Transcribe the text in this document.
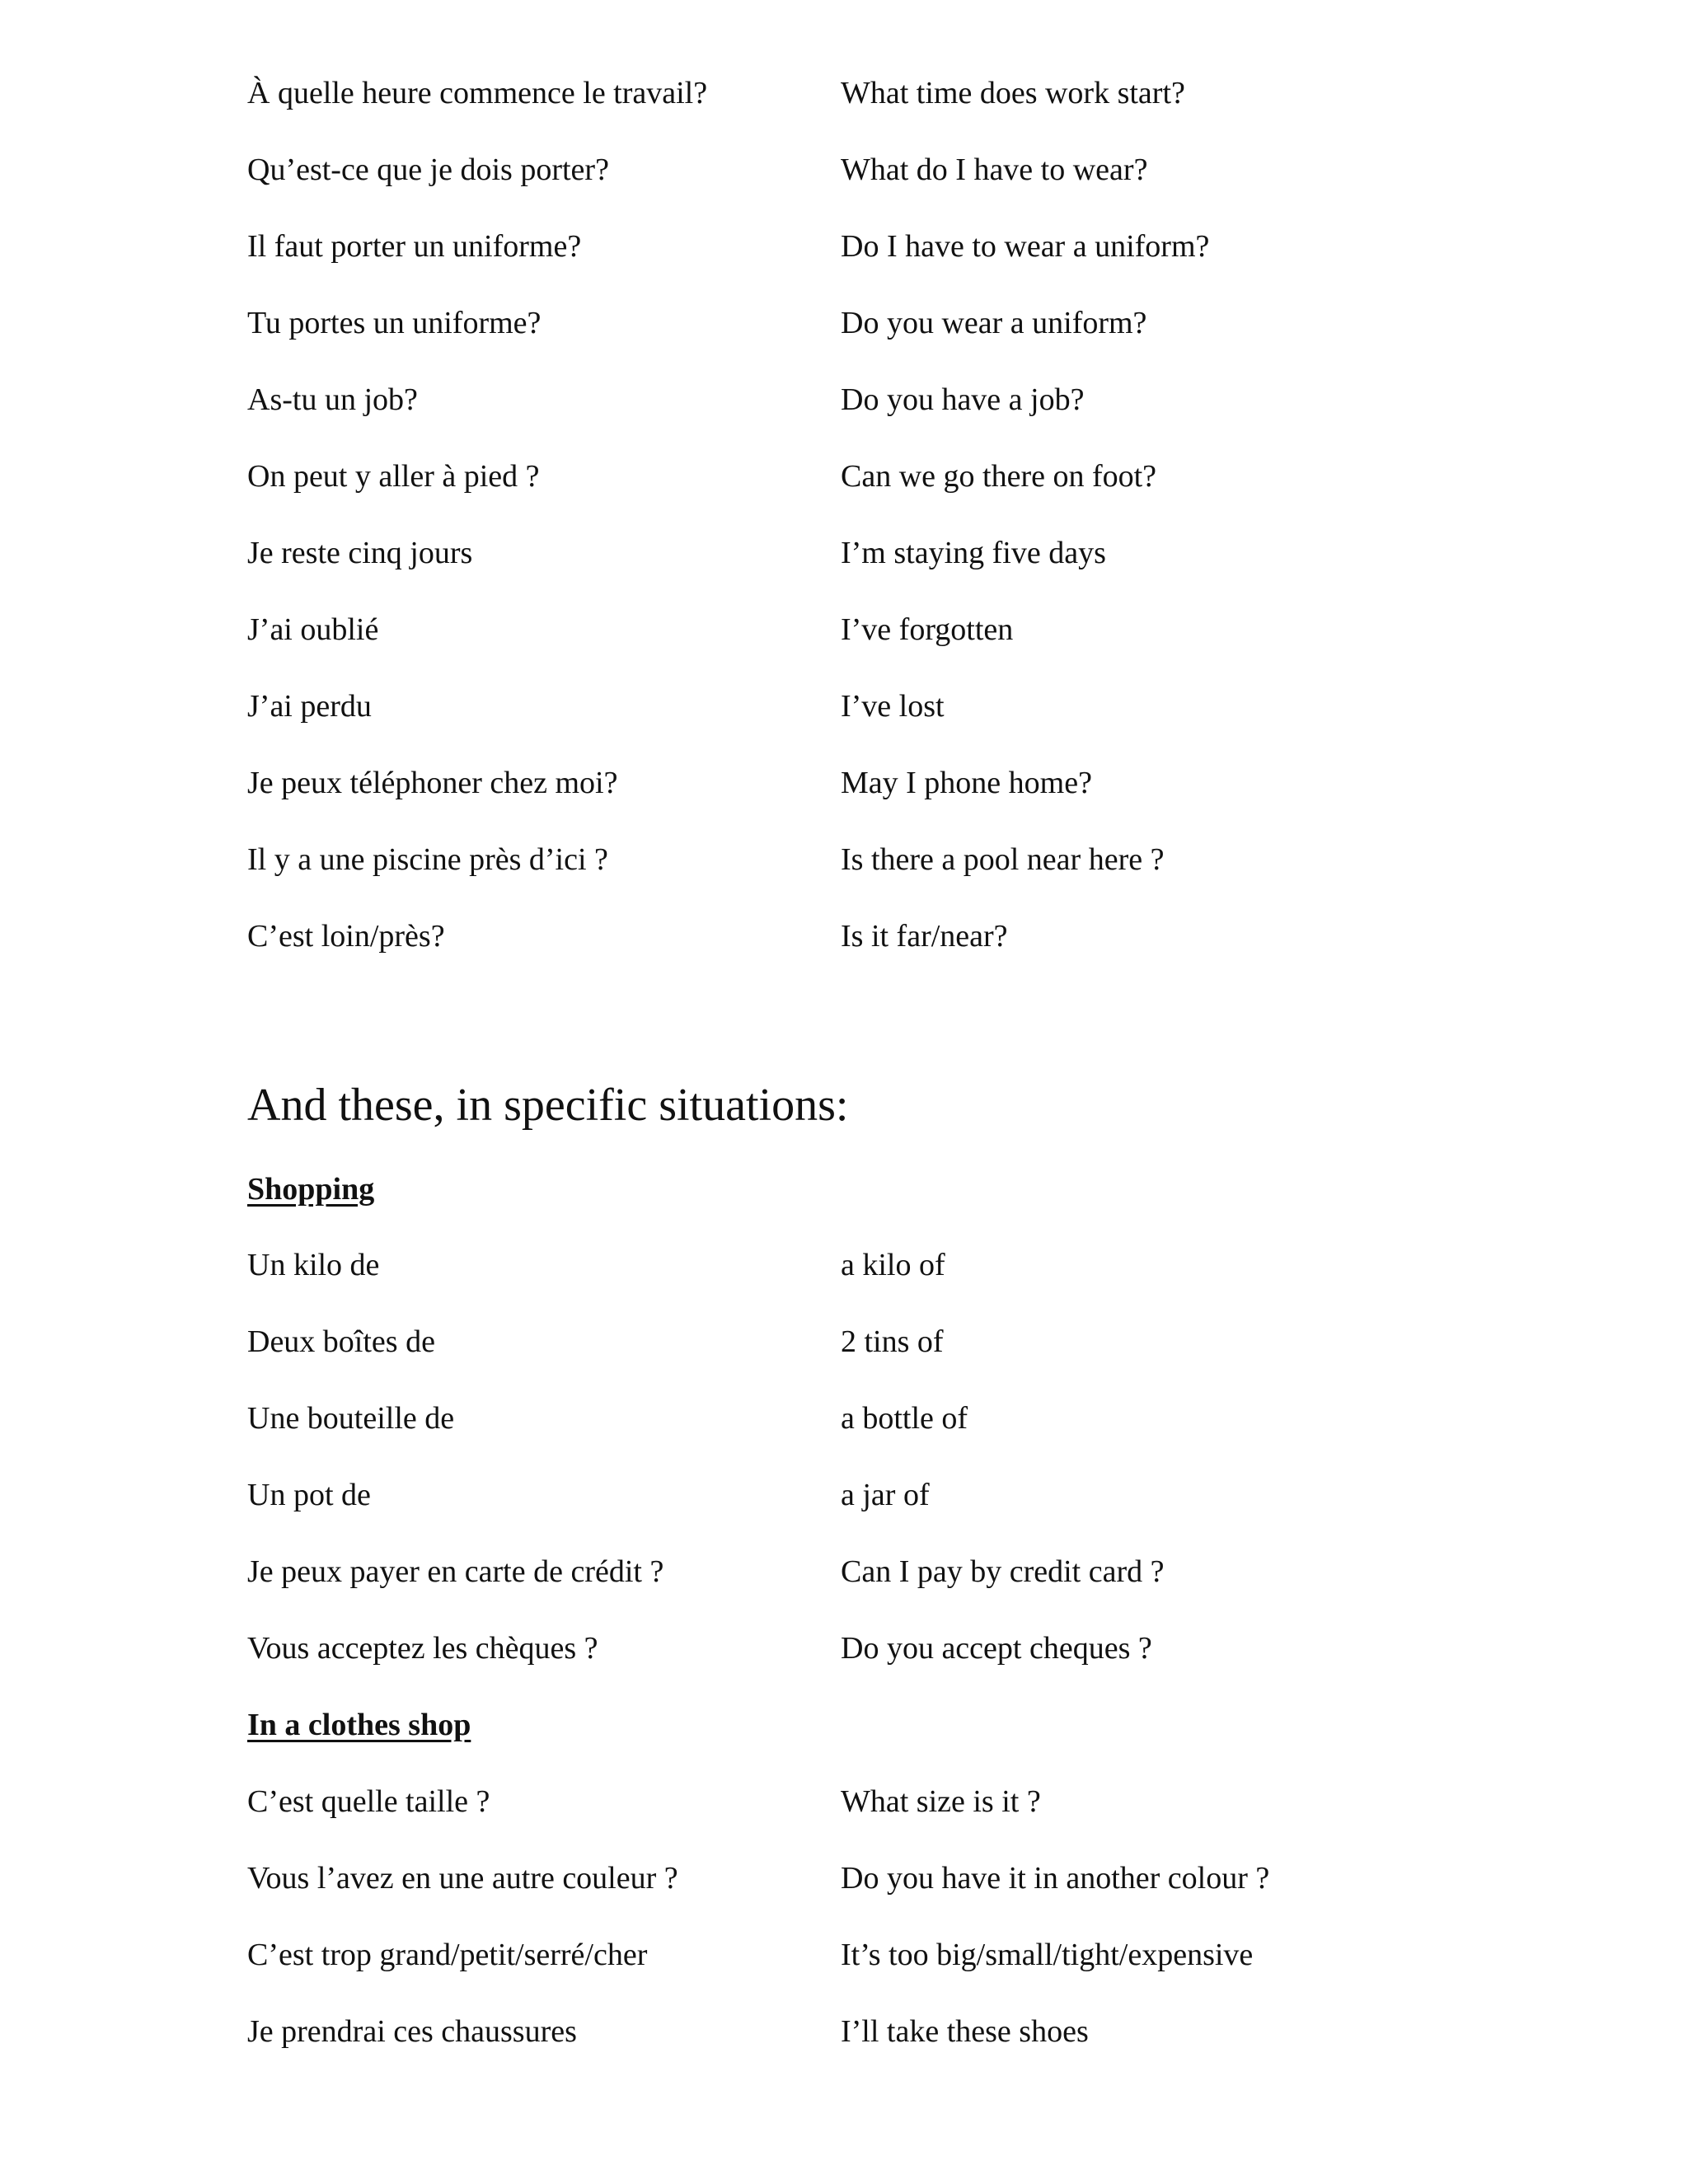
À quelle heure commence le travail?	What time does work start?
Qu’est-ce que je dois porter?	What do I have to wear?
Il faut porter un uniforme?	Do I have to wear a uniform?
Tu portes un uniforme?	Do you wear a uniform?
As-tu un job?	Do you have a job?
On peut y aller à pied ?	Can we go there on foot?
Je reste cinq jours	I’m staying five days
J’ai oublié	I’ve forgotten
J’ai perdu	I’ve lost
Je peux téléphoner chez moi?	May I phone home?
Il y a une piscine près d’ici ?	Is there a pool near here ?
C’est loin/près?	Is it far/near?
And these, in specific situations:
Shopping
Un kilo de	a kilo of
Deux boîtes de	2 tins of
Une bouteille de	a bottle of
Un pot de	a jar of
Je peux payer en carte de crédit ?	Can I pay by credit card ?
Vous acceptez les chèques ?	Do you accept cheques ?
In a clothes shop
C’est quelle taille ?	What size is it ?
Vous l’avez en une autre couleur ?	Do you have it in another colour ?
C’est trop grand/petit/serré/cher	It’s too big/small/tight/expensive
Je prendrai ces chaussures	I’ll take these shoes
